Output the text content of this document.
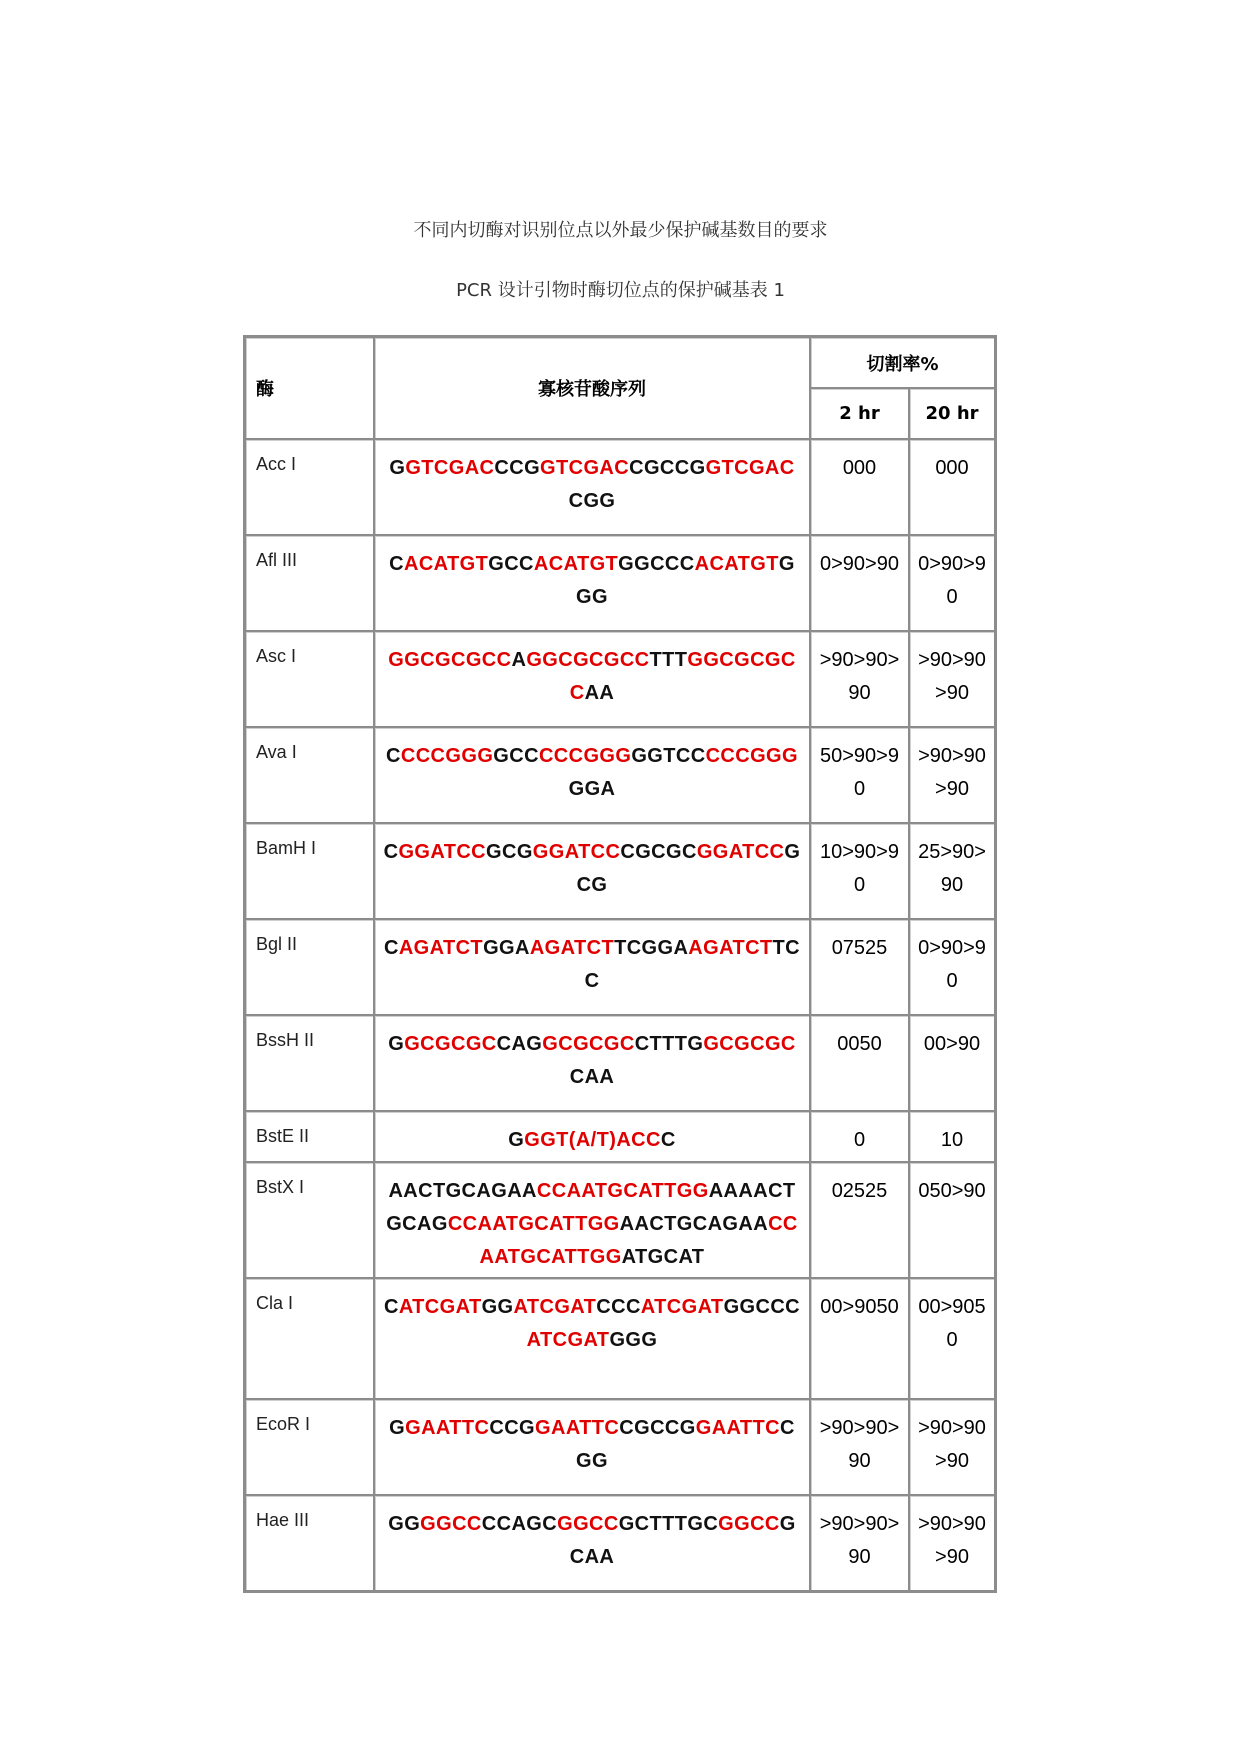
不同内切酶对识别位点以外最少保护碱基数目的要求
PCR 设计引物时酶切位点的保护碱基表 1
酶	寡核苷酸序列	切割率%	
		2 hr	20 hr
Acc I	GGTCGACCCGGTCGACCGCCGGTCGACCGG	000	000
Afl III	CACATGTGCCACATGTGGCCCACATGTGGG	0>90>90	0>90>90
Asc I	GGCGCGCCAGGCGCGCCTTTGGCGCGCCAA	>90>90>90	>90>90>90
Ava I	CCCCGGGGCCCCCGGGGGTCCCCCGGGGGA	50>90>90	>90>90>90
BamH I	CGGATCCGCGGGATCCCGCGCGGATCCGCG	10>90>90	25>90>90
Bgl II	CAGATCTGGAAGATCTTCGGAAGATCTTCC	07525	0>90>90
BssH II	GGCGCGCCAGGCGCGCCTTTGGCGCGCCAA	0050	00>90
BstE II	GGGT(A/T)ACCC	0	10
BstX I	AACTGCAGAACCAATGCATTGGAAAACTGCAGCCAATGCATTGGAACTGCAGAACCAATGCATTGGATGCAT	02525	050>90
Cla I	CATCGATGGATCGATCCCATCGATGGCCCATCGATGGG	00>9050	00>9050
EcoR I	GGAATTCCCGGAATTCCGCCGGAATTCCGG	>90>90>90	>90>90>90
Hae III	GGGGCCCCAGCGGCCGCTTTGCGGCCGCAA	>90>90>90	>90>90>90
